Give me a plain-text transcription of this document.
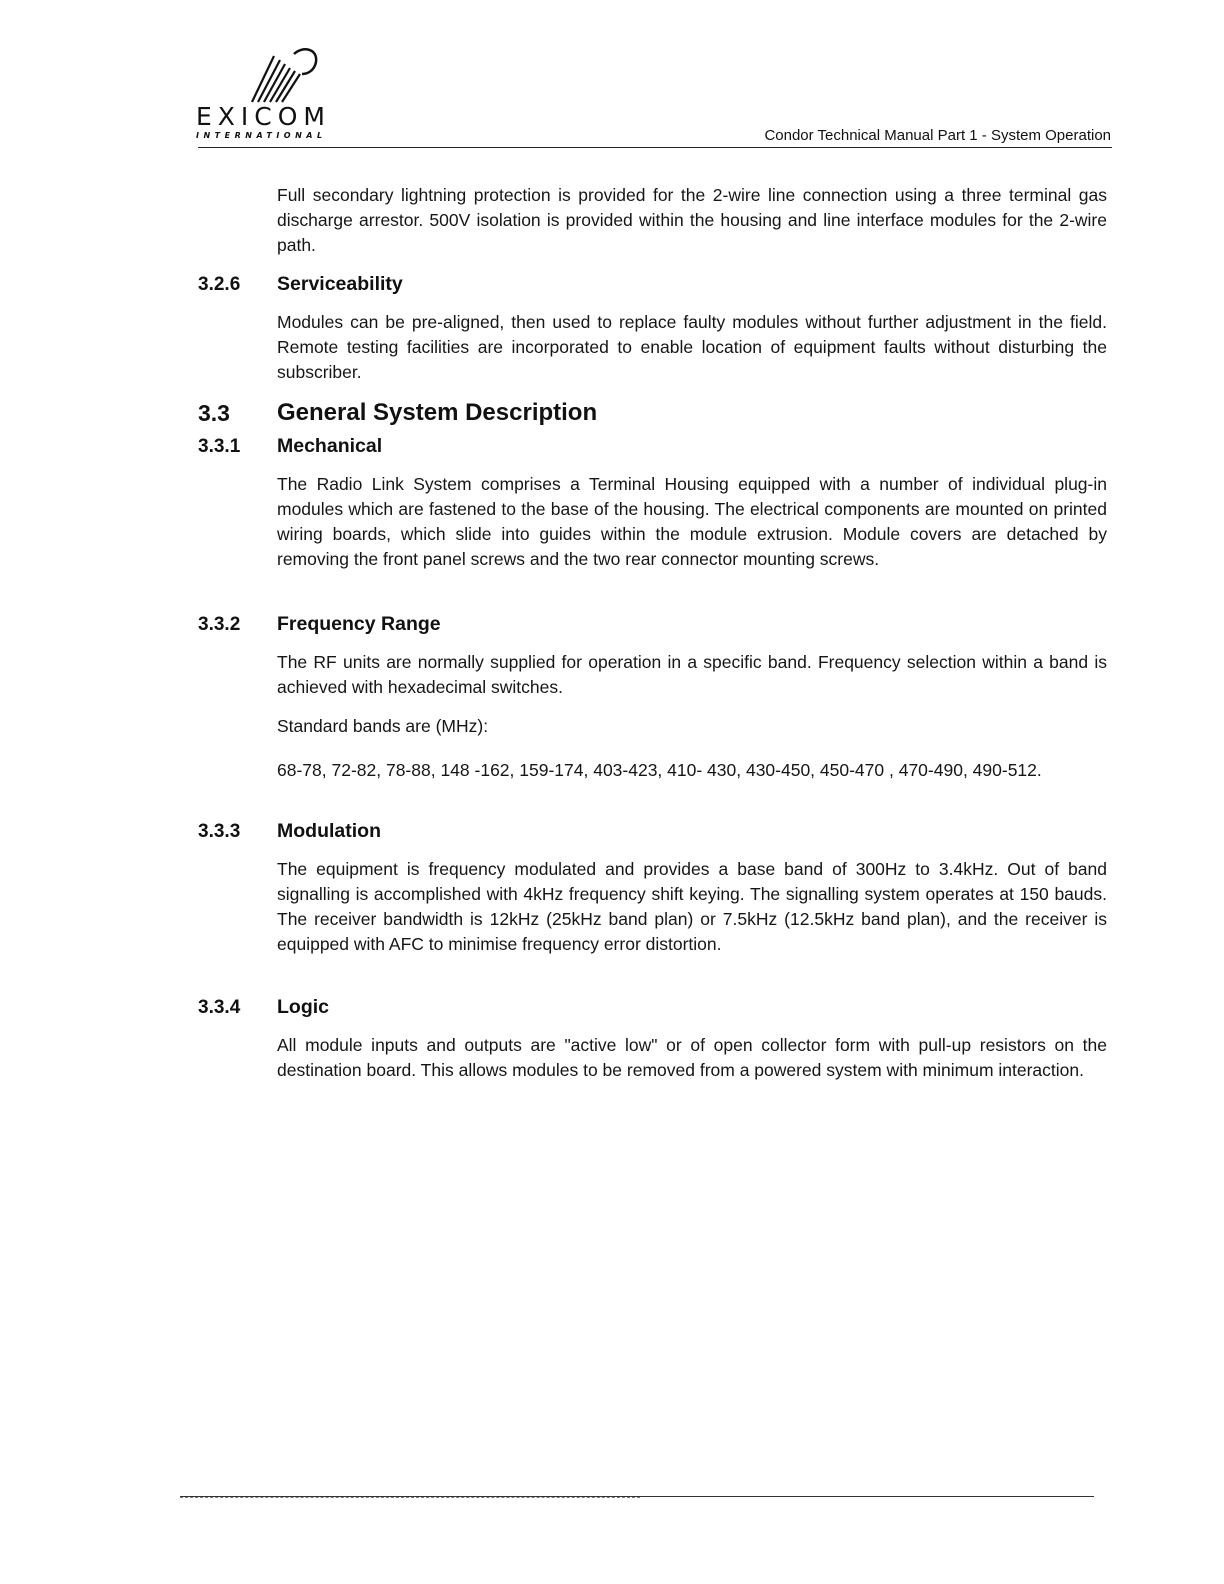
EXICOM
INTERNATIONAL	Condor Technical Manual Part 1 - System Operation
Full secondary lightning protection is provided for the 2-wire line connection using a three terminal gas discharge arrestor. 500V isolation is provided within the housing and line interface modules for the 2-wire path.
3.2.6 Serviceability
Modules can be pre-aligned, then used to replace faulty modules without further adjustment in the field. Remote testing facilities are incorporated to enable location of equipment faults without disturbing the subscriber.
3.3 General System Description
3.3.1 Mechanical
The Radio Link System comprises a Terminal Housing equipped with a number of individual plug-in modules which are fastened to the base of the housing. The electrical components are mounted on printed wiring boards, which slide into guides within the module extrusion. Module covers are detached by removing the front panel screws and the two rear connector mounting screws.
3.3.2 Frequency Range
The RF units are normally supplied for operation in a specific band. Frequency selection within a band is achieved with hexadecimal switches.
Standard bands are (MHz):
68-78, 72-82, 78-88, 148 -162, 159-174, 403-423, 410- 430, 430-450, 450-470 , 470-490, 490-512.
3.3.3 Modulation
The equipment is frequency modulated and provides a base band of 300Hz to 3.4kHz. Out of band signalling is accomplished with 4kHz frequency shift keying. The signalling system operates at 150 bauds. The receiver bandwidth is 12kHz (25kHz band plan) or 7.5kHz (12.5kHz band plan), and the receiver is equipped with AFC to minimise frequency error distortion.
3.3.4 Logic
All module inputs and outputs are "active low" or of open collector form with pull-up resistors on the destination board. This allows modules to be removed from a powered system with minimum interaction.
